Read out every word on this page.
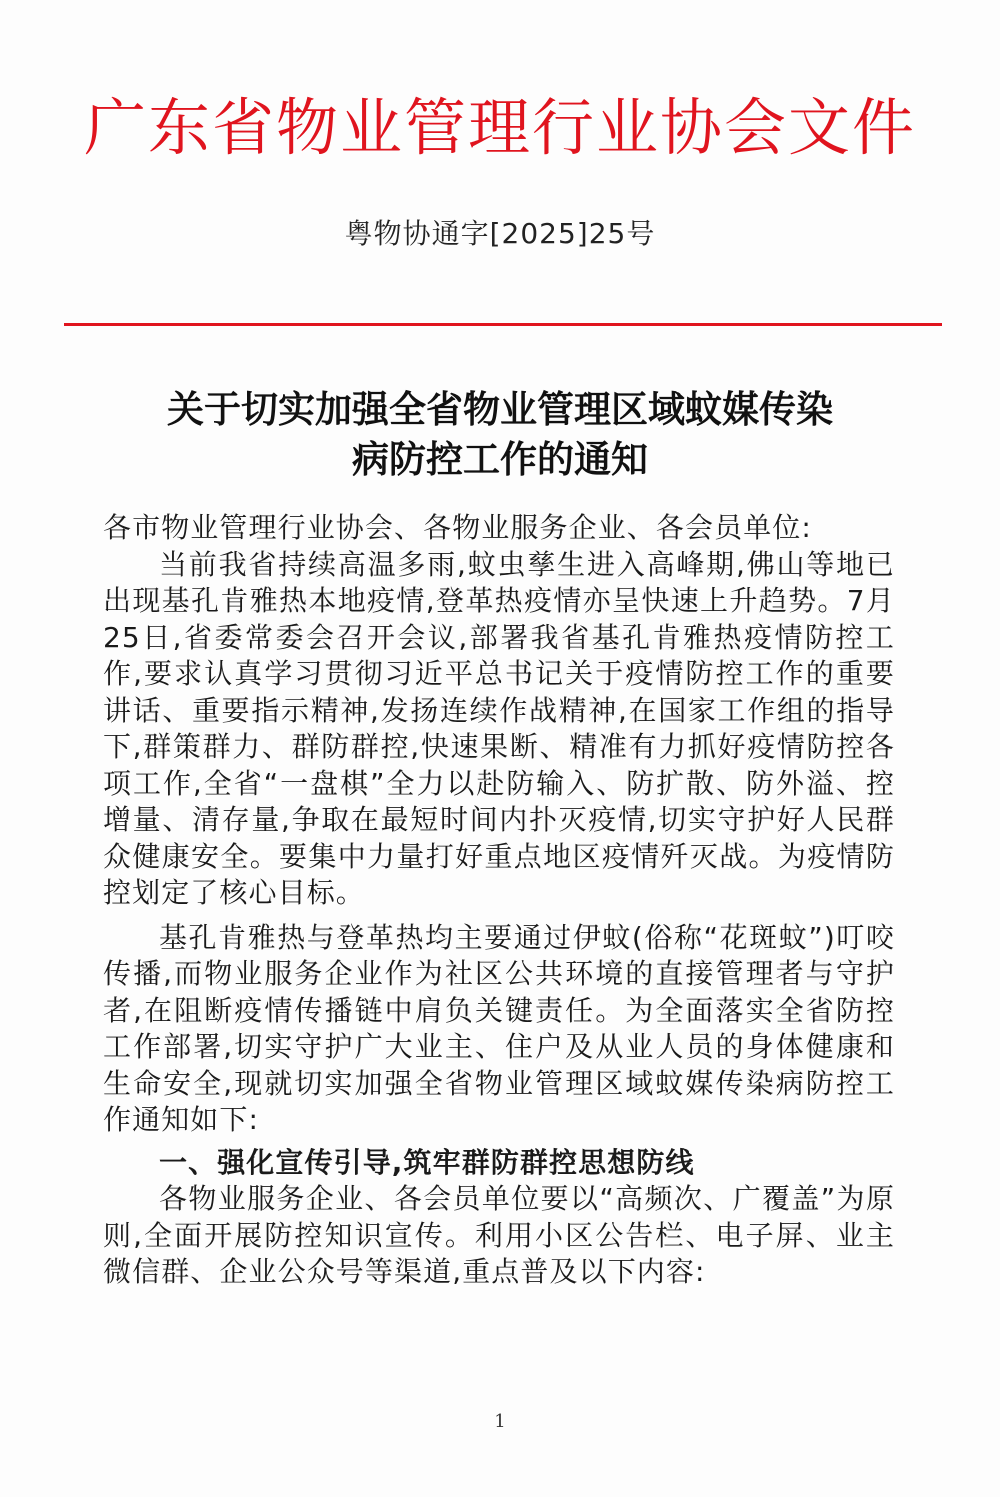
广东省物业管理行业协会文件
粤物协通字[2025]25号
关于切实加强全省物业管理区域蚊媒传染
病防控工作的通知

各市物业管理行业协会、各物业服务企业、各会员单位:

当前我省持续高温多雨,蚊虫孳生进入高峰期,佛山等地已出现基孔肯雅热本地疫情,登革热疫情亦呈快速上升趋势。7月25日,省委常委会召开会议,部署我省基孔肯雅热疫情防控工作,要求认真学习贯彻习近平总书记关于疫情防控工作的重要讲话、重要指示精神,发扬连续作战精神,在国家工作组的指导下,群策群力、群防群控,快速果断、精准有力抓好疫情防控各项工作,全省“一盘棋”全力以赴防输入、防扩散、防外溢、控增量、清存量,争取在最短时间内扑灭疫情,切实守护好人民群众健康安全。要集中力量打好重点地区疫情歼灭战。为疫情防控划定了核心目标。

基孔肯雅热与登革热均主要通过伊蚊(俗称“花斑蚊”)叮咬传播,而物业服务企业作为社区公共环境的直接管理者与守护者,在阻断疫情传播链中肩负关键责任。为全面落实全省防控工作部署,切实守护广大业主、住户及从业人员的身体健康和生命安全,现就切实加强全省物业管理区域蚊媒传染病防控工作通知如下:

一、强化宣传引导,筑牢群防群控思想防线

各物业服务企业、各会员单位要以“高频次、广覆盖”为原则,全面开展防控知识宣传。利用小区公告栏、电子屏、业主微信群、企业公众号等渠道,重点普及以下内容:

1
